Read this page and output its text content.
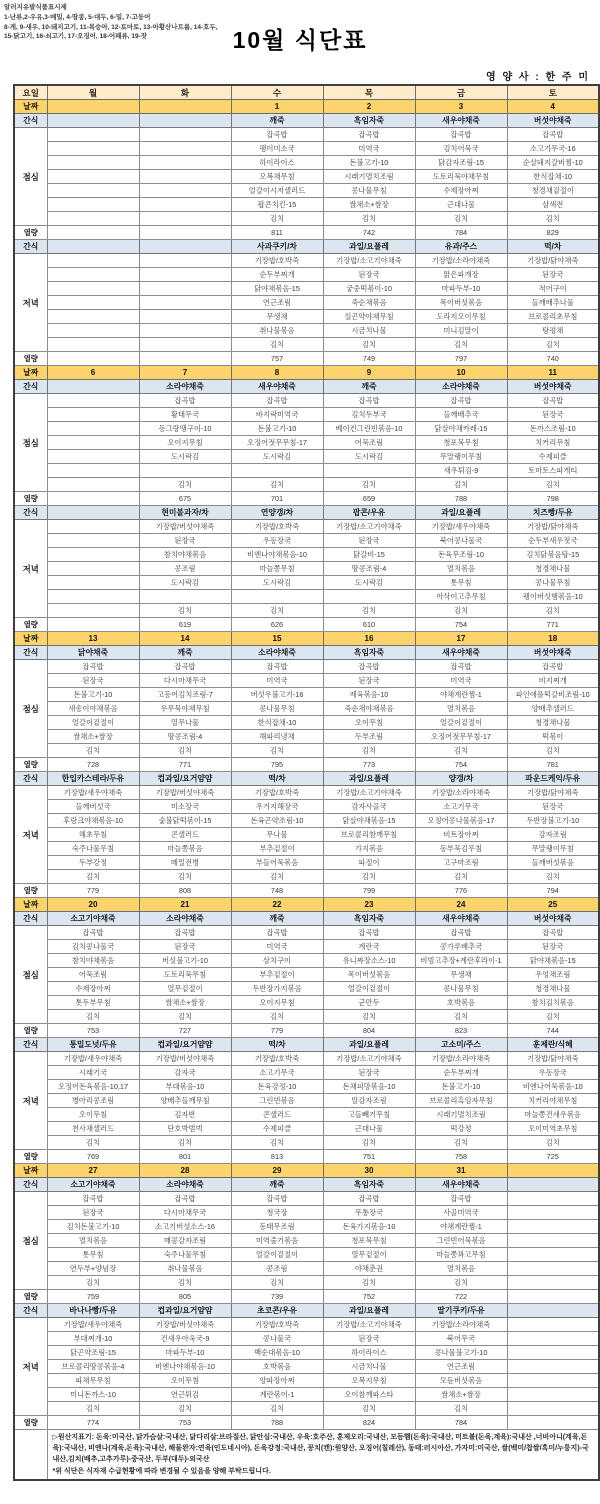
알러지유발식품표시제
1-난류,2-우유,3-메밀, 4-땅콩, 5-대두, 6-밀, 7-고등어
8-게, 9-새우, 10-돼지고기, 11-복숭아, 12-토마토, 13-아황산나트륨, 14-호두,
15-닭고기, 16-쇠고기, 17-오징어, 18-어패류, 19-잣	10월 식단표
영 양 사 : 한 주 미
요일	월	화	수	목	금	토
날짜			1	2	3	4
간식			깨죽	흑임자죽	새우야채죽	버섯야채죽
점심			잡곡밥	잡곡밥	잡곡밥	잡곡밥
			팽이미소국	미역국	김치어묵국	소고기무국-16
			하이라이스	돈불고기-10	닭감자조림-15	순살돼지갈비찜-10
			오복채무침	시래기멸치조림	도토리묵야채무침	한식잡채-10
			얼갈이시저샐러드	콩나물무침	수제장아찌	청경채겉절이
			팝콘치킨-15	쌈채소+쌈장	근대나물	삼색전
			김치	김치	김치	김치
열량			811	742	784	829
간식			사과쿠키/차	과일/요플레	유과/주스	떡/차
저녁			기장밥/호박죽	기장밥/소고기야채죽	기장밥/소라야채죽	기장밥/닭야채죽
			순두부찌개	된장국	맑은파개장	된장국
			닭야채볶음-15	궁중떡볶이-10	마파두부-10	적어구이
			연근조림	죽순채볶음	목이버섯볶음	들깨배추나물
			무생채	실곤약야채무침	도라지오이무침	브로콜리초무침
			취나물볶음	시금치나물	미니김말이	탕평채
			김치	김치	김치	김치
열량			757	749	797	740
날짜	6	7	8	9	10	11
간식		소라야채죽	새우야채죽	깨죽	소라야채죽	버섯야채죽
점심		잡곡밥	잡곡밥	잡곡밥	잡곡밥	잡곡밥
		황태무국	바지락미역국	김치두부국	들깨배추국	된장국
		동그랑땡구이-10	돈불고기-10	베이컨그린빈볶음-10	닭살야채카레-15	돈까스조림-10
		오이지무침	오징어젓무무침-17	어묵조림	청포묵무침	치커리무침
		도시락김	도시락김	도시락김	무말랭이무침	수제피클
					새우튀김-9	토마토스파게티
		김치	김치	김치	김치	김치
열량		675	701	659	788	798
간식		현미볼과자/차	연양갱/차	팝콘/우유	과일/요플레	치즈빵/두유
저녁		기장밥/버섯야채죽	기장밥/호박죽	기장밥/소고기야채죽	기장밥/새우야채죽	기장밥/닭야채죽
		된장국	우동장국	된장국	북어콩나물국	순두부새우젓국
		참치야채볶음	비엔나야채볶음-10	닭갈비-15	돈육무조림-10	김치닭볶음탕-15
		콩조림	마늘쫑무침	땅콩조림-4	멸치볶음	청경채나물
		도시락김	도시락김	도시락김	톳무침	콩나물무침
					아삭이고추무침	팽이버섯햄볶음-10
		김치	김치	김치	김치	김치
열량		619	626	610	754	771
날짜	13	14	15	16	17	18
간식	닭야채죽	깨죽	소라야채죽	흑임자죽	새우야채죽	버섯야채죽
점심	잡곡밥	잡곡밥	잡곡밥	잡곡밥	잡곡밥	잡곡밥
	된장국	다시마채무국	미역국	된장국	미역국	비지찌개
	돈불고기-10	고등어김치조림-7	버섯우불고기-16	제육볶음-10	야채계란찜-1	파인애플떡갈비조림-10
	새송이야채볶음	우무묵야채무침	콩나물무침	죽순채야채볶음	멸치볶음	양배추샐러드
	얼갈이겉절이	열무나물	한식잡채-10	오이무침	얼갈이겉절이	청경채나물
	쌈채소+쌈장	땅콩조림-4	해파리냉채	두부조림	오징어젓무무침-17	떡볶이
	김치	김치	김치	김치	김치	김치
열량	728	771	795	773	754	781
간식	한입카스테라/두유	컵과일/요거얌얌	떡/차	과일/요플레	양갱/차	파운드케익/두유
저녁	기장밥/새우야채죽	기장밥/버섯야채죽	기장밥/호박죽	기장밥/소고기야채죽	기장밥/소라야채죽	기장밥/닭야채죽
	들깨버섯국	미소장국	우거지해장국	감자사골국	소고기무국	된장국
	후랑크야채볶음-10	숯불닭떡볶이-15	돈육곤약조림-10	닭살야채볶음-15	오징어콩나물볶음-17	두반장불고기-10
	해초무침	콘샐러드	무나물	브로콜리참깨무침	비트장아찌	감자조림
	숙주나물무침	마늘쫑볶음	부추겉절이	가지볶음	동부묵김무침	무말랭이무침
	두부강정	메밀전병	부들어묵볶음	파절이	고구마조림	들깨버섯볶음
	김치	김치	김치	김치	김치	김치
열량	779	808	748	799	776	794
날짜	20	21	22	23	24	25
간식	소고기야채죽	소라야채죽	깨죽	흑임자죽	새우야채죽	버섯야채죽
점심	잡곡밥	잡곡밥	잡곡밥	잡곡밥	잡곡밥	잡곡밥
	김치콩나물국	된장국	미역국	계란국	콩가루배추국	된장국
	참치야채볶음	버섯불고기-10	삼치구이	유니짜장소스-10	비빔고추장+계란후라이-1	닭야채볶음-15
	어묵조림	도토리묵무침	부추겉절이	목이버섯볶음	무생채	우엉채조림
	수제장아찌	열무겉절이	두반장가지볶음	얼갈이겉절이	콩나물무침	청경채나물
	톳두부무침	쌈채소+쌈장	오이지무침	군만두	호박볶음	참치김치볶음
	김치	김치	김치	김치	김치	김치
열량	753	727	779	804	823	744
간식	통밀도넛/두유	컵과일/요거얌얌	떡/차	과일/요플레	고소미/주스	훈제란/식혜
저녁	기장밥/새우야채죽	기장밥/버섯야채죽	기장밥/호박죽	기장밥/소고기야채죽	기장밥/소라야채죽	기장밥/닭야채죽
	시래기국	감자국	소고기무국	된장국	순두부찌개	우동장국
	오징어돈육볶음-10,17	부대볶음-10	돈육강정-10	돈채피망볶음-10	돈불고기-10	비엔나어묵볶음-10
	병아리콩조림	양배추들깨무침	그린빈볶음	알감자조림	브로콜리흑임자무침	치커리야채무침
	오이무침	김자반	콘샐러드	고들빼기무침	시래기멸치조림	마늘쫑건새우볶음
	천사채샐러드	단호박범벅	수제피클	근대나물	떡강정	오이미역초무침
	김치	김치	김치	김치	김치	김치
열량	769	801	813	751	758	725
날짜	27	28	29	30	31	
간식	소고기야채죽	소라야채죽	깨죽	흑임자죽	새우야채죽	
점심	잡곡밥	잡곡밥	잡곡밥	잡곡밥	잡곡밥	
	된장국	다시마채무국	청국장	무통장국	사골미역국	
	김치돈불고기-10	소고기버섯소스-16	동태무조림	돈육가지볶음-10	야채계란찜-1	
	멸치볶음	매콤감자조림	미역줄기볶음	청포묵무침	그린빈어묵볶음	
	톳무침	숙주나물무침	얼갈이겉절이	열무겉절이	마늘쫑꽈고무침	
	연두부+양념장	취나물볶음	콩조림	야채춘권	멸치볶음	
	김치	김치	김치	김치	김치	
열량	759	805	739	752	722	
간식	바나나빵/두유	컵과일/요거얌얌	초코콘/우유	과일/요플레	딸기쿠키/두유	
저녁	기장밥/새우야채죽	기장밥/버섯야채죽	기장밥/호박죽	기장밥/소고기야채죽	기장밥/소라야채죽	
	부대찌개-10	건새우아욱국-9	콩나물국	된장국	북어무국	
	닭곤약조림-15	마파두부-10	백순대볶음-10	하이라이스	콩나물불고기-10	
	브로콜리땅콩볶음-4	비엔나야채볶음-10	호박볶음	시금치나물	연근조림	
	파채무무침	오이무침	양파장아찌	오복지무침	모듬버섯볶음	
	미니돈까스-10	연근튀김	계란볶이-1	오이참깨파스타	쌈채소+쌈장	
	김치	김치	김치	김치	김치	
열량	774	753	788	824	784	

	▷원산지표기: 돈육:미국산, 닭가슴살:국내산, 닭다리살:브라질산, 닭안심:국내산, 우육:호주산, 훈제오리:국내산, 모듬햄(돈육):국내산, 미트볼(돈육,계육):국내산 ,너비아니(계육,돈육):국내산, 비엔나(계육,돈육):국내산, 해물완자:연육(인도네시아), 돈육강정:국내산, 꽁치(캔):원양산, 오징어(칠레산), 동태:러시아산, 가자미:미국산, 쌀(백미/찹쌀/흑미/누룽지)-국내산,김치(배추,고추가루)-중국산, 두부(대두)-외국산
*위 식단은 식자재 수급현황에 따라 변경될 수 있음을 양해 부탁드립니다.					
